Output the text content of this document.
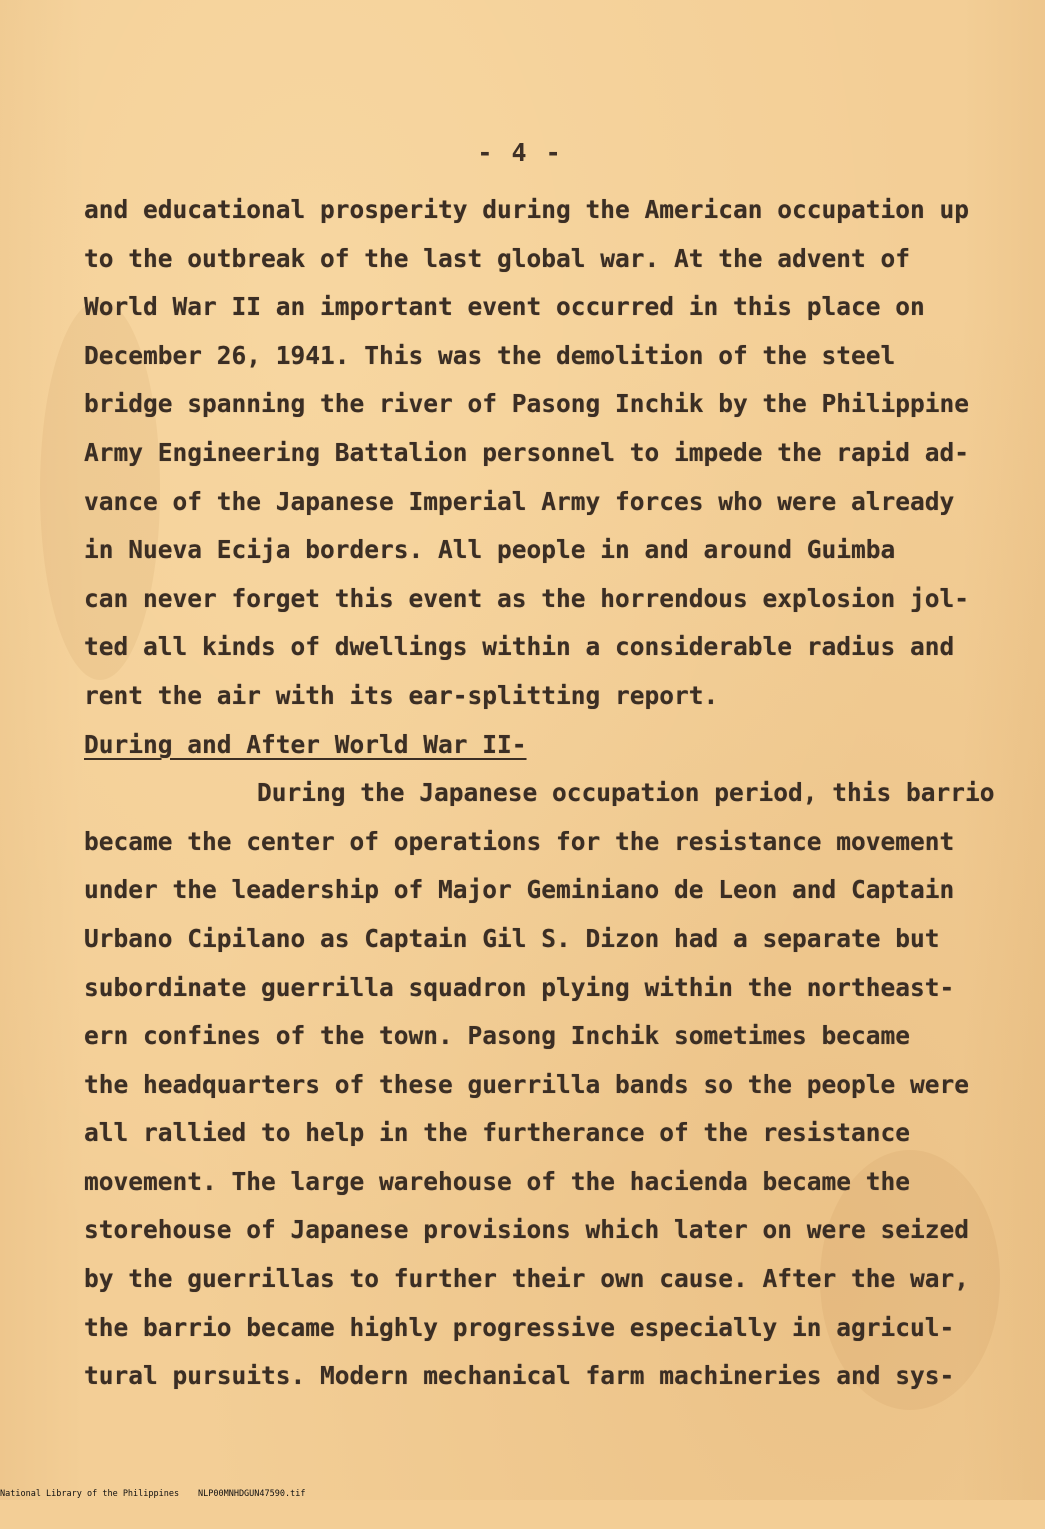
- 4 -
and educational prosperity during the American occupation up
to the outbreak of the last global war. At the advent of
World War II an important event occurred in this place on
December 26, 1941. This was the demolition of the steel
bridge spanning the river of Pasong Inchik by the Philippine
Army Engineering Battalion personnel to impede the rapid ad-
vance of the Japanese Imperial Army forces who were already
in Nueva Ecija borders. All people in and around Guimba
can never forget this event as the horrendous explosion jol-
ted all kinds of dwellings within a considerable radius and
rent the air with its ear-splitting report.
During and After World War II-
During the Japanese occupation period, this barrio
became the center of operations for the resistance movement
under the leadership of Major Geminiano de Leon and Captain
Urbano Cipilano as Captain Gil S. Dizon had a separate but
subordinate guerrilla squadron plying within the northeast-
ern confines of the town. Pasong Inchik sometimes became
the headquarters of these guerrilla bands so the people were
all rallied to help in the furtherance of the resistance
movement. The large warehouse of the hacienda became the
storehouse of Japanese provisions which later on were seized
by the guerrillas to further their own cause. After the war,
the barrio became highly progressive especially in agricul-
tural pursuits. Modern mechanical farm machineries and sys-

National Library of the Philippines

NLP00MNHDGUN47590.tif
